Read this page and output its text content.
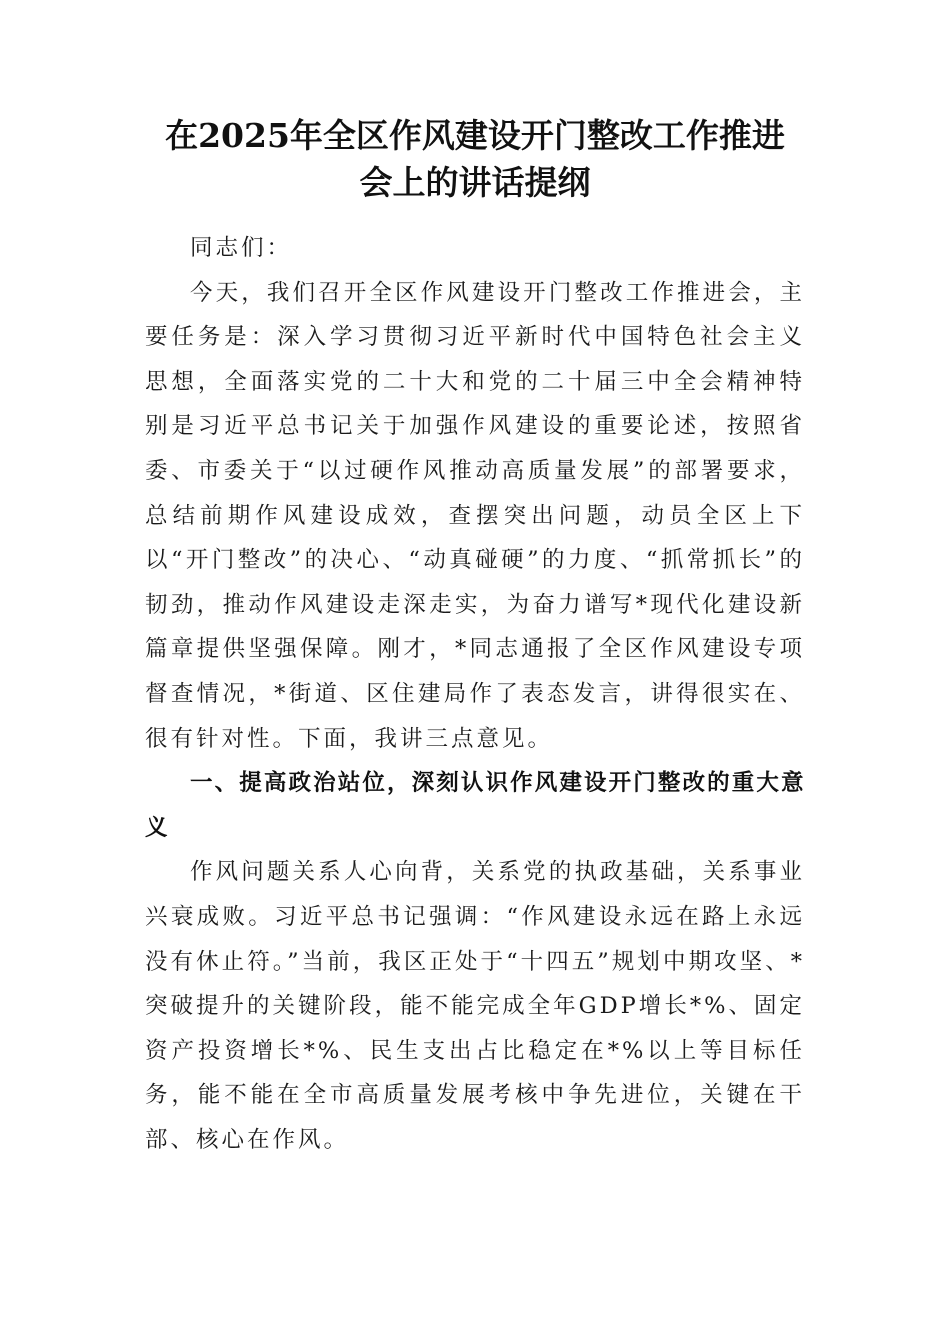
在2025年全区作风建设开门整改工作推进
会上的讲话提纲

同志们：

今天，我们召开全区作风建设开门整改工作推进会，主要任务是：深入学习贯彻习近平新时代中国特色社会主义思想，全面落实党的二十大和党的二十届三中全会精神特别是习近平总书记关于加强作风建设的重要论述，按照省委、市委关于“以过硬作风推动高质量发展”的部署要求，总结前期作风建设成效，查摆突出问题，动员全区上下以“开门整改”的决心、“动真碰硬”的力度、“抓常抓长”的韧劲，推动作风建设走深走实，为奋力谱写*现代化建设新篇章提供坚强保障。刚才，*同志通报了全区作风建设专项督查情况，*街道、区住建局作了表态发言，讲得很实在、很有针对性。下面，我讲三点意见。

一、提高政治站位，深刻认识作风建设开门整改的重大意义

作风问题关系人心向背，关系党的执政基础，关系事业兴衰成败。习近平总书记强调：“作风建设永远在路上永远没有休止符。”当前，我区正处于“十四五”规划中期攻坚、*突破提升的关键阶段，能不能完成全年GDP增长*%、固定资产投资增长*%、民生支出占比稳定在*%以上等目标任务，能不能在全市高质量发展考核中争先进位，关键在干部、核心在作风。
